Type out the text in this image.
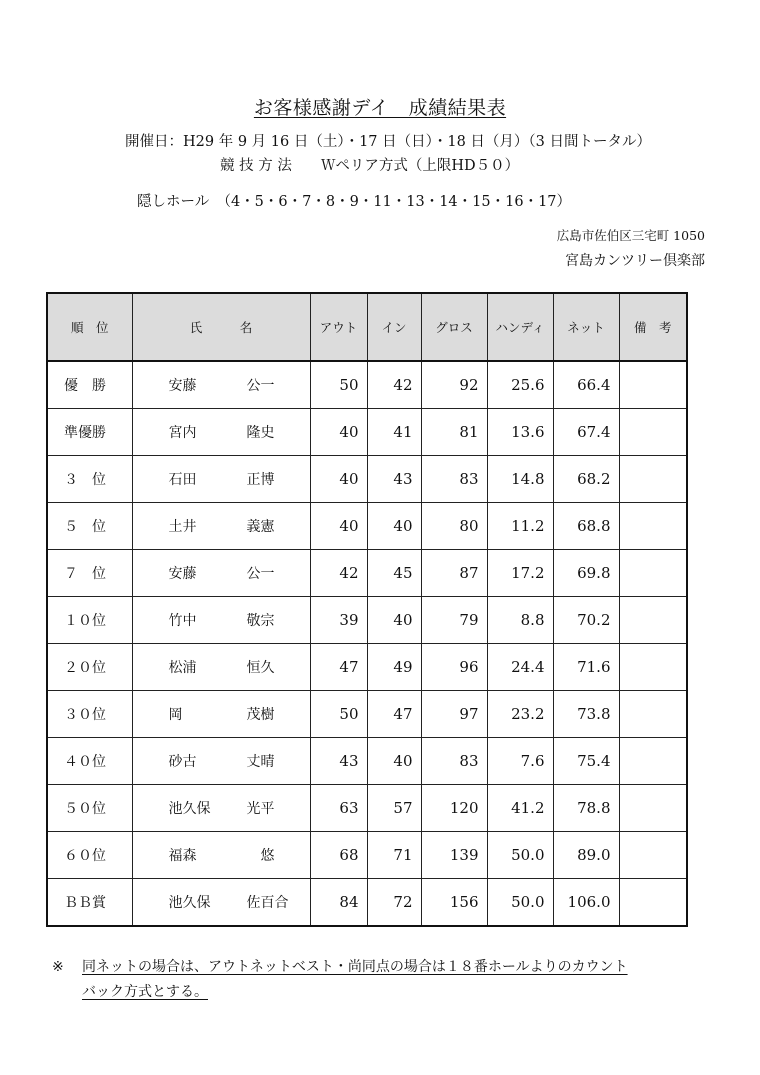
お客様感謝デイ　成績結果表
開催日：H29 年 9 月 16 日（土）・17 日（日）・18 日（月）（3 日間トータル）
競 技 方 法　　Ｗペリア方式（上限HD５０）
隠しホール　（4・5・6・7・8・9・11・13・14・15・16・17）
広島市佐伯区三宅町 1050
宮島カンツリー倶楽部
順　位	氏　　　名	アウト	イン	グロス	ハンディ	ネット	備　考
優　勝	安藤 公一	50	42	92	25.6	66.4	
準優勝	宮内 隆史	40	41	81	13.6	67.4	
３　位	石田 正博	40	43	83	14.8	68.2	
５　位	土井 義憲	40	40	80	11.2	68.8	
７　位	安藤 公一	42	45	87	17.2	69.8	
１０位	竹中 敬宗	39	40	79	8.8	70.2	
２０位	松浦 恒久	47	49	96	24.4	71.6	
３０位	岡 茂樹	50	47	97	23.2	73.8	
４０位	砂古 丈晴	43	40	83	7.6	75.4	
５０位	池久保 光平	63	57	120	41.2	78.8	
６０位	福森 　悠	68	71	139	50.0	89.0	
ＢＢ賞	池久保 佐百合	84	72	156	50.0	106.0	
※ 同ネットの場合は、アウトネットベスト・尚同点の場合は１８番ホールよりのカウント
バック方式とする。
